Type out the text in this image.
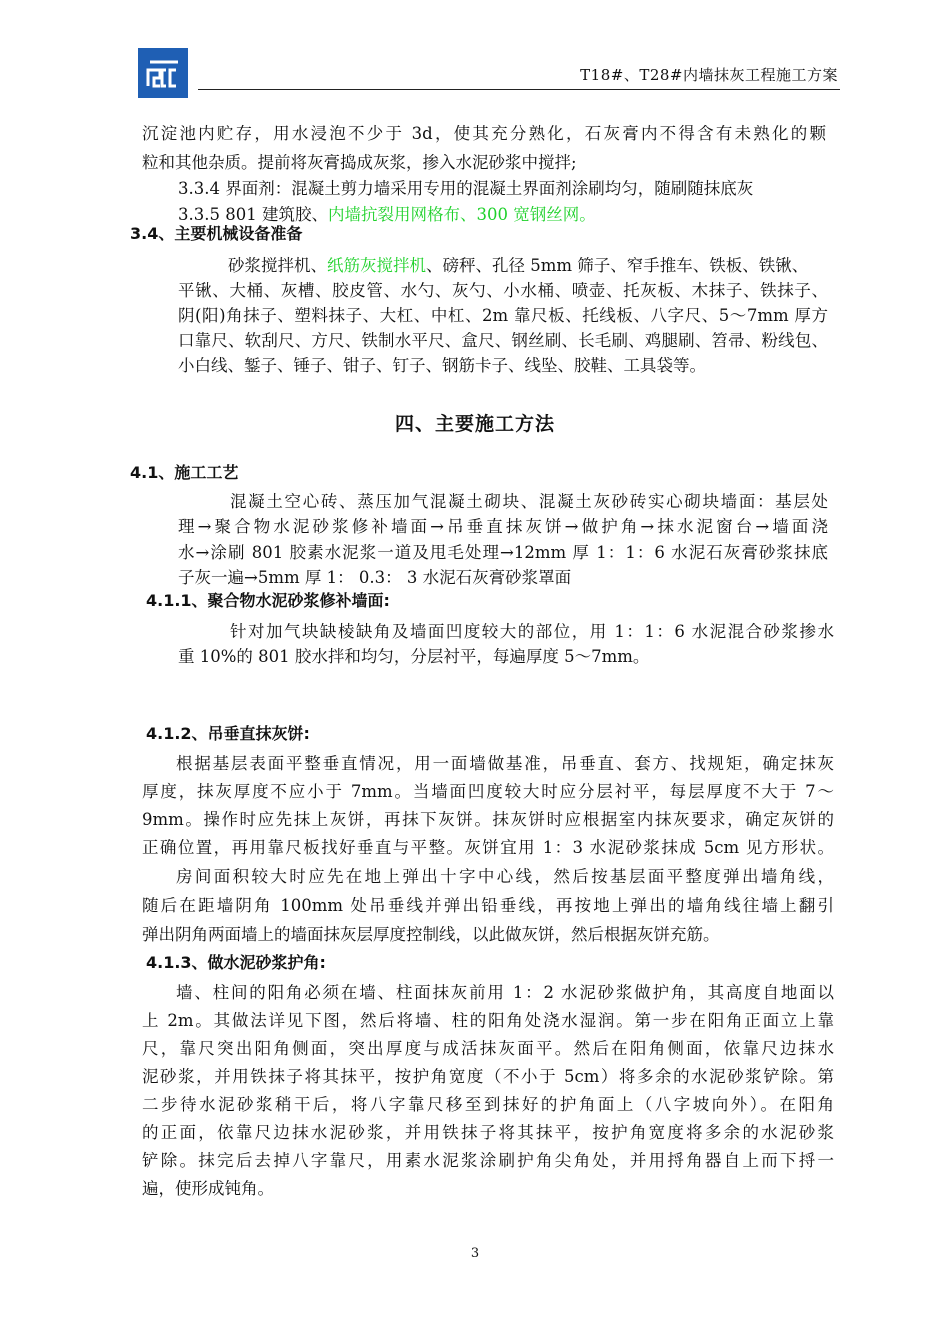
T18#、T28#内墙抹灰工程施工方案
沉淀池内贮存，用水浸泡不少于 3d，使其充分熟化，石灰膏内不得含有未熟化的颗
粒和其他杂质。提前将灰膏捣成灰浆，掺入水泥砂浆中搅拌;
3.3.4 界面剂：混凝土剪力墙采用专用的混凝土界面剂涂刷均匀，随刷随抹底灰
3.3.5 801 建筑胶、内墙抗裂用网格布、300 宽钢丝网。
3.4、主要机械设备准备
砂浆搅拌机、纸筋灰搅拌机、磅秤、孔径 5mm 筛子、窄手推车、铁板、铁锹、
平锹、大桶、灰槽、胶皮管、水勺、灰勺、小水桶、喷壶、托灰板、木抹子、铁抹子、
阴(阳)角抹子、塑料抹子、大杠、中杠、2m 靠尺板、托线板、八字尺、5～7mm 厚方
口靠尺、软刮尺、方尺、铁制水平尺、盒尺、钢丝刷、长毛刷、鸡腿刷、笤帚、粉线包、
小白线、錾子、锤子、钳子、钉子、钢筋卡子、线坠、胶鞋、工具袋等。
四、主要施工方法
4.1、施工工艺
混凝土空心砖、蒸压加气混凝土砌块、混凝土灰砂砖实心砌块墙面：基层处
理→聚合物水泥砂浆修补墙面→吊垂直抹灰饼→做护角→抹水泥窗台→墙面浇
水→涂刷 801 胶素水泥浆一道及甩毛处理→12mm 厚 1：1：6 水泥石灰膏砂浆抹底
子灰一遍→5mm 厚 1： 0.3： 3 水泥石灰膏砂浆罩面
4.1.1、聚合物水泥砂浆修补墙面:
针对加气块缺棱缺角及墙面凹度较大的部位，用 1：1：6 水泥混合砂浆掺水
重 10%的 801 胶水拌和均匀，分层衬平，每遍厚度 5～7mm。
4.1.2、吊垂直抹灰饼:
根据基层表面平整垂直情况，用一面墙做基准，吊垂直、套方、找规矩，确定抹灰
厚度，抹灰厚度不应小于 7mm。当墙面凹度较大时应分层衬平，每层厚度不大于 7～
9mm。操作时应先抹上灰饼，再抹下灰饼。抹灰饼时应根据室内抹灰要求，确定灰饼的
正确位置，再用靠尺板找好垂直与平整。灰饼宜用 1：3 水泥砂浆抹成 5cm 见方形状。
房间面积较大时应先在地上弹出十字中心线，然后按基层面平整度弹出墙角线，
随后在距墙阴角 100mm 处吊垂线并弹出铅垂线，再按地上弹出的墙角线往墙上翻引
弹出阴角两面墙上的墙面抹灰层厚度控制线，以此做灰饼，然后根据灰饼充筋。
4.1.3、做水泥砂浆护角:
墙、柱间的阳角必须在墙、柱面抹灰前用 1：2 水泥砂浆做护角，其高度自地面以
上 2m。其做法详见下图，然后将墙、柱的阳角处浇水湿润。第一步在阳角正面立上靠
尺，靠尺突出阳角侧面，突出厚度与成活抹灰面平。然后在阳角侧面，依靠尺边抹水
泥砂浆，并用铁抹子将其抹平，按护角宽度（不小于 5cm）将多余的水泥砂浆铲除。第
二步待水泥砂浆稍干后，将八字靠尺移至到抹好的护角面上（八字坡向外）。在阳角
的正面，依靠尺边抹水泥砂浆，并用铁抹子将其抹平，按护角宽度将多余的水泥砂浆
铲除。抹完后去掉八字靠尺，用素水泥浆涂刷护角尖角处，并用捋角器自上而下捋一
遍，使形成钝角。
3
